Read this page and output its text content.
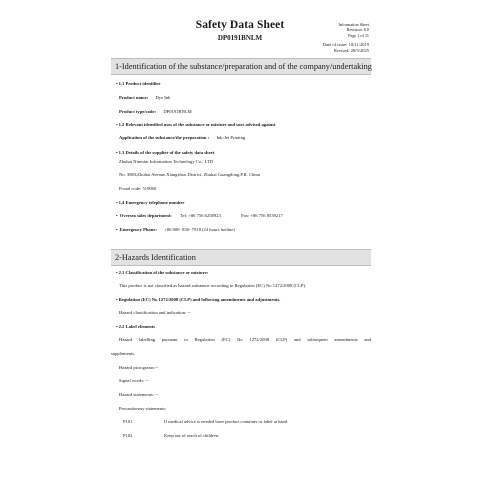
Safety Data Sheet
DP0191BNLM
Information Sheet
Revision: 6.0
Page 1 of 11
Date of issue: 18/11/2019
Revised: 28/5/2025
1-Identification of the substance/preparation and of the company/undertaking
• 1.1 Product identifier
Product name: Dye Ink
Product type/code: DP0191BNLM
• 1.2 Relevant identified uses of the substance or mixture and uses advised against
Application of the substance/the preparation : Ink-Jet Printing
• 1.3 Details of the supplier of the safety data sheet
Zhuhai Ninestar Information Technology Co., LTD
No. 3883,Zhuhai Avenue,Xiangzhou District, Zhuhai Guangdong,P.R. China
Postal code: 519060
• 1.4 Emergency telephone number
• Oversea sales department: Tel: +86 756 6258923	Fax: +86 756 8539217
• Emergency Phone: +86 800- 830- 7918 (24 hours hotline)
2-Hazards Identification
• 2.1 Classification of the substance or mixture:
This product is not classified as hazard substance according to Regulation (EC) No 1272/2008 (CLP).
• Regulation (EC) No 1272/2008 (CLP) and following amendments and adjustments.
Hazard classification and indication: --
• 2.2 Label elements
Hazard labelling pursuant to Regulation (EC) No 1272/2008 (CLP) and subsequent amendments and
supplements.
Hazard pictograms:--
Signal words: --
Hazard statements: --
Precautionary statements:
P101	If medical advice is needed have product container or label at hand.
P102	Keep out of reach of children.
